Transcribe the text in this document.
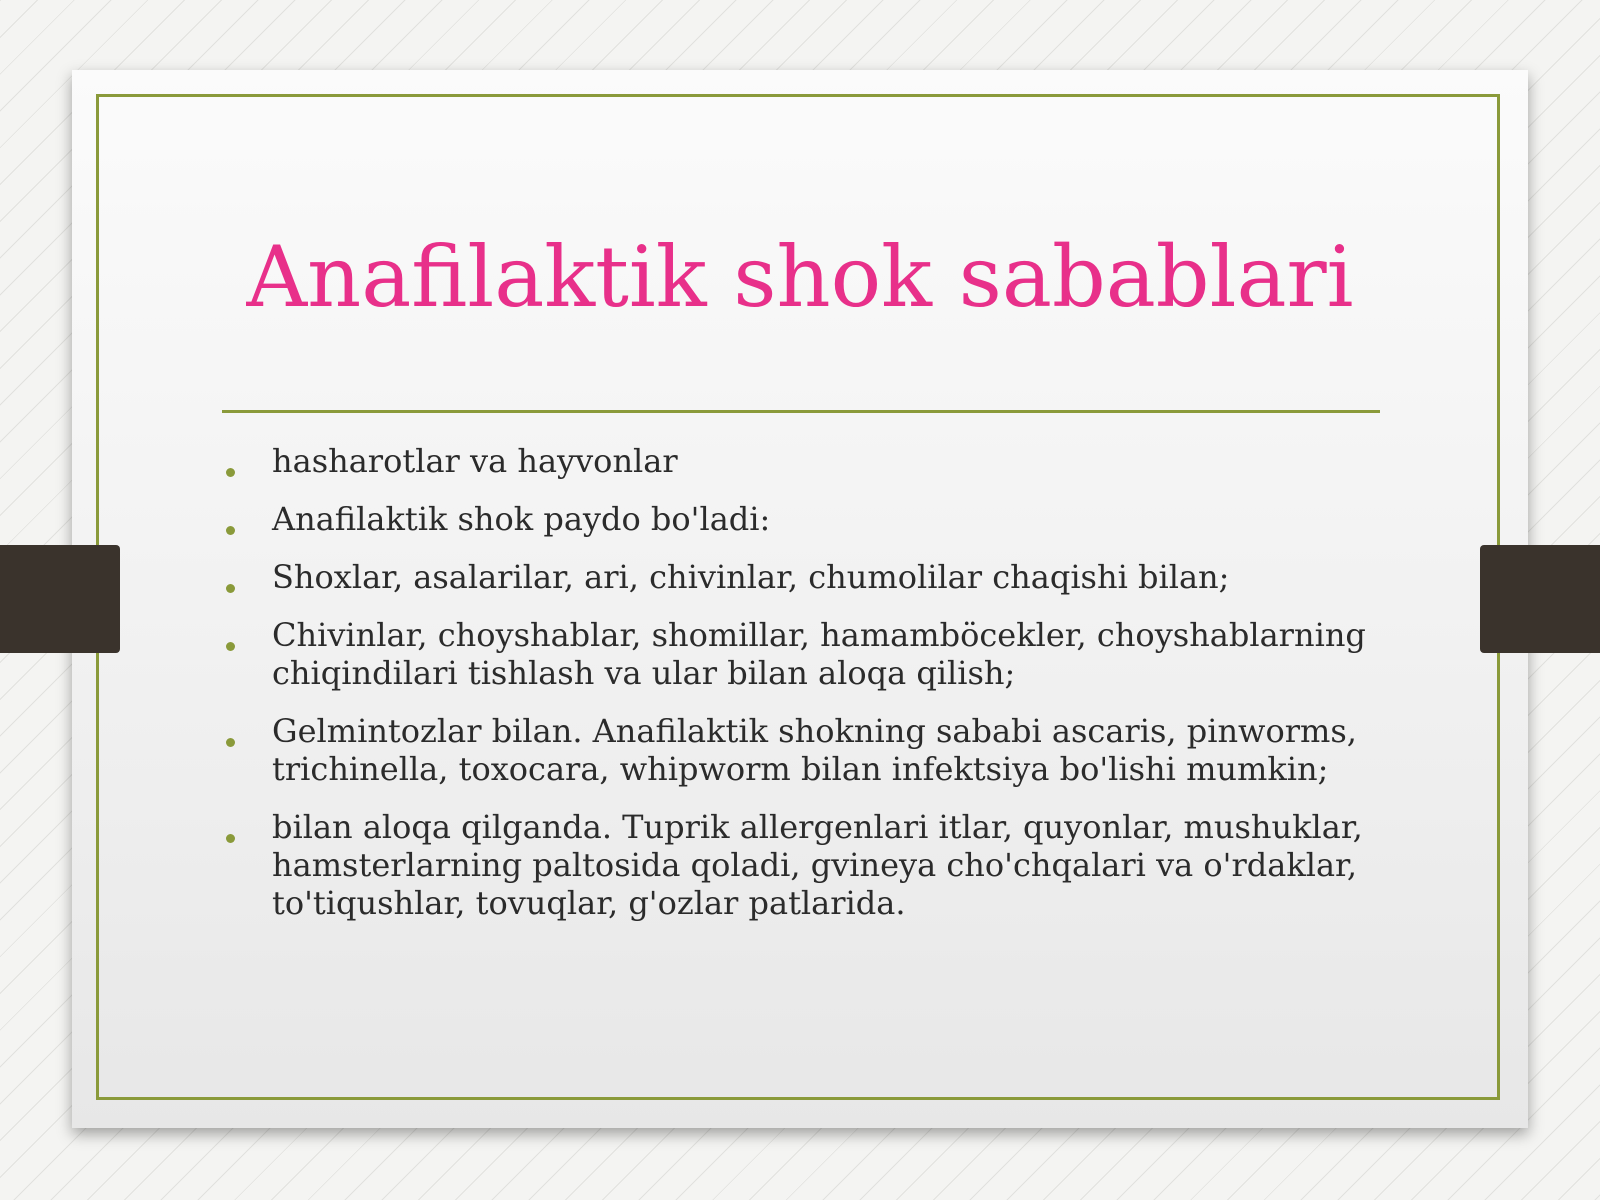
Anafilaktik shok sabablari
hasharotlar va hayvonlar
Anafilaktik shok paydo bo'ladi:
Shoxlar, asalarilar, ari, chivinlar, chumolilar chaqishi bilan;
Chivinlar, choyshablar, shomillar, hamamböcekler, choyshablarning chiqindilari tishlash va ular bilan aloqa qilish;
Gelmintozlar bilan. Anafilaktik shokning sababi ascaris, pinworms, trichinella, toxocara, whipworm bilan infektsiya bo'lishi mumkin;
bilan aloqa qilganda. Tuprik allergenlari itlar, quyonlar, mushuklar, hamsterlarning paltosida qoladi, gvineya cho'chqalari va o'rdaklar, to'tiqushlar, tovuqlar, g'ozlar patlarida.
